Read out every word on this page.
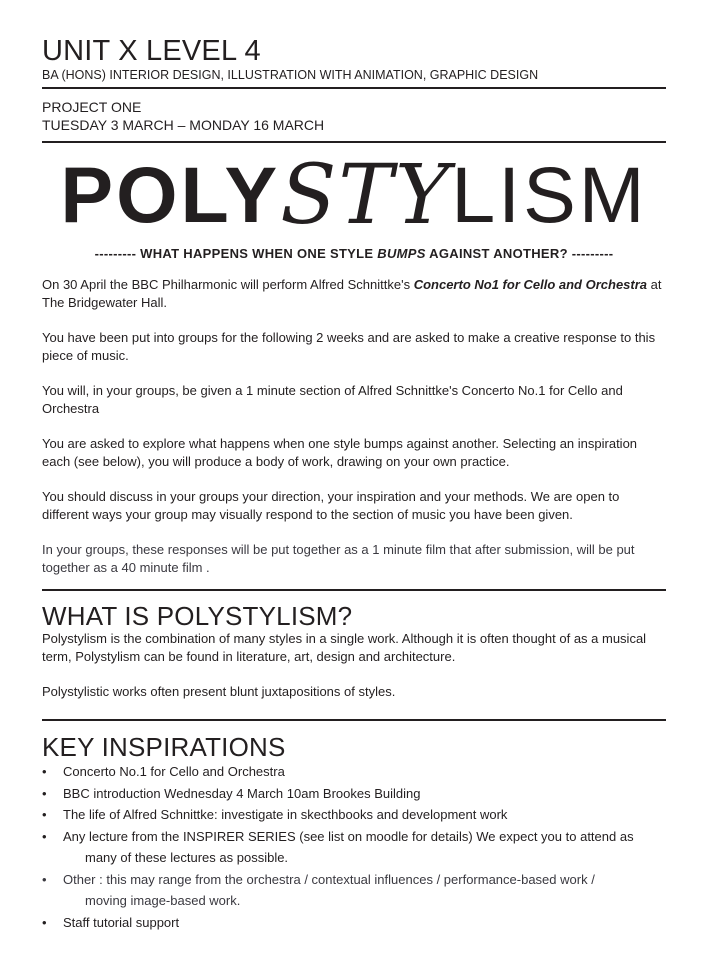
UNIT X LEVEL 4
BA (HONS) INTERIOR DESIGN, ILLUSTRATION WITH ANIMATION, GRAPHIC DESIGN
PROJECT ONE
TUESDAY 3 MARCH – MONDAY 16 MARCH
POLY STY LISM
--------- WHAT HAPPENS WHEN ONE STYLE BUMPS AGAINST ANOTHER? ---------

On 30 April the BBC Philharmonic will perform Alfred Schnittke's Concerto No1 for Cello and Orchestra at The Bridgewater Hall.

You have been put into groups for the following 2 weeks and are asked to make a creative response to this piece of music.

You will, in your groups, be given a 1 minute section of Alfred Schnittke's Concerto No.1 for Cello and Orchestra

You are asked to explore what happens when one style bumps against another. Selecting an inspiration each (see below), you will produce a body of work, drawing on your own practice.

You should discuss in your groups your direction, your inspiration and your methods. We are open to different ways your group may visually respond to the section of music you have been given.

In your groups, these responses will be put together as a 1 minute film that after submission, will be put together as a 40 minute film .

WHAT IS POLYSTYLISM?

Polystylism is the combination of many styles in a single work. Although it is often thought of as a musical term, Polystylism can be found in literature, art, design and architecture.

Polystylistic works often present blunt juxtapositions of styles.

KEY INSPIRATIONS
• Concerto No.1 for Cello and Orchestra
• BBC introduction Wednesday 4 March 10am Brookes Building
• The life of Alfred Schnittke: investigate in skecthbooks and development work
• Any lecture from the INSPIRER SERIES (see list on moodle for details) We expect you to attend as
many of these lectures as possible.
• Other : this may range from the orchestra / contextual influences / performance-based work /
moving image-based work.
• Staff tutorial support
